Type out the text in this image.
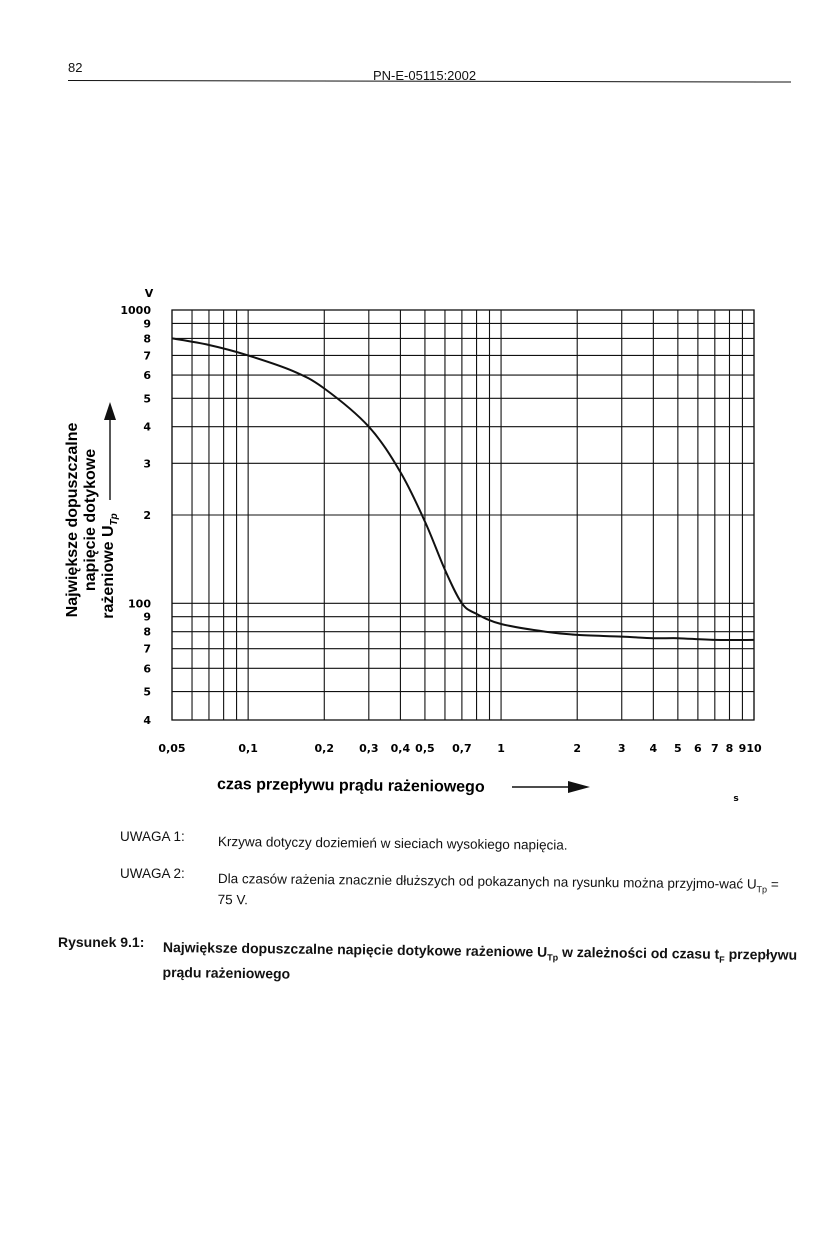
82
PN-E-05115:2002
0,05	0,1	0,2 0,3 0,4 0,5 0,7 1	2	3 4 5 6 7 8 9 10
1000
9
8
7
6
5
4
3
2
100
9
8
7
6
5
4
V
Największe dopuszczalne napięcie dotykowe rażeniowe $U_{Tp}$
czas przepływu prądu rażeniowego
s
UWAGA 1: Krzywa dotyczy doziemień w sieciach wysokiego napięcia.
UWAGA 2: Dla czasów rażenia znacznie dłuższych od pokazanych na rysunku można przyjmo-wać $U_{Tp} = 75$ V.
Rysunek 9.1: Największe dopuszczalne napięcie dotykowe rażeniowe $U_{Tp}$ w zależności od czasu $t_F$ przepływu prądu rażeniowego
